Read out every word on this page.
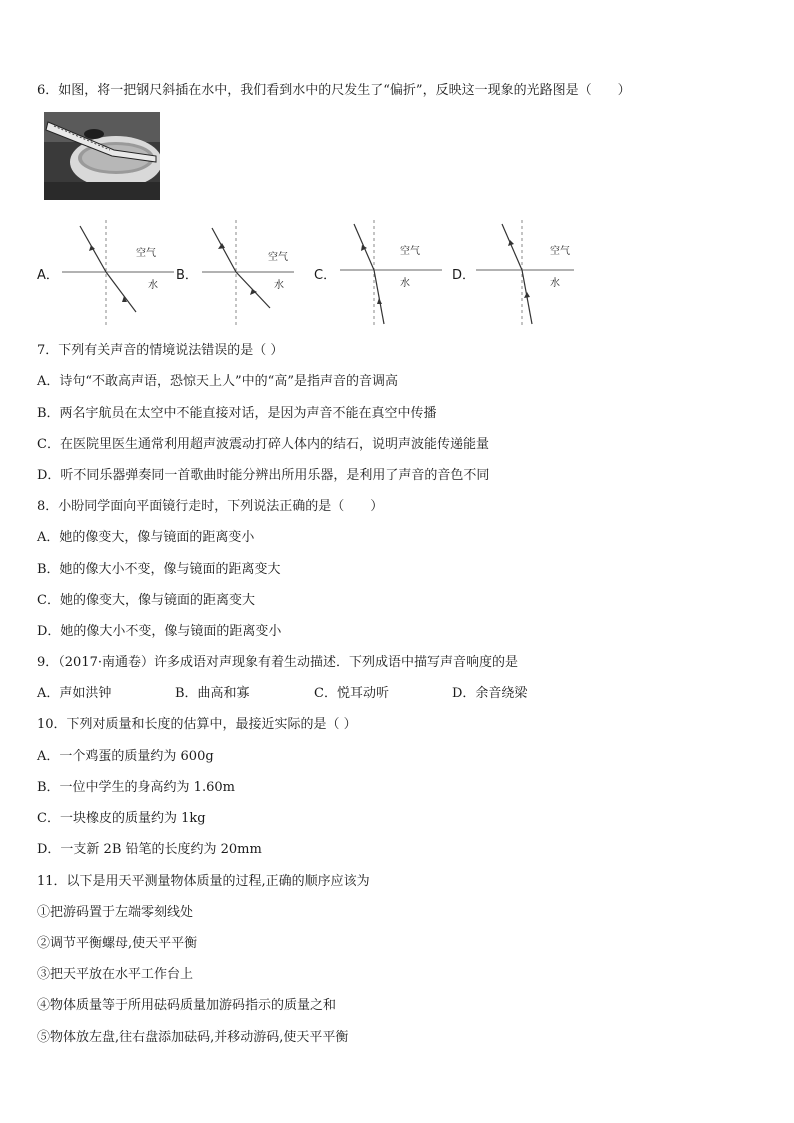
6．如图，将一把钢尺斜插在水中，我们看到水中的尺发生了“偏折”，反映这一现象的光路图是（　　）
A．
空气
水
B．
空气
水
C．
空气
水
D．
空气
水
7．下列有关声音的情境说法错误的是（ ）
A．诗句“不敢高声语，恐惊天上人”中的“高”是指声音的音调高
B．两名宇航员在太空中不能直接对话，是因为声音不能在真空中传播
C．在医院里医生通常利用超声波震动打碎人体内的结石，说明声波能传递能量
D．听不同乐器弹奏同一首歌曲时能分辨出所用乐器，是利用了声音的音色不同
8．小盼同学面向平面镜行走时，下列说法正确的是（　　）
A．她的像变大，像与镜面的距离变小
B．她的像大小不变，像与镜面的距离变大
C．她的像变大，像与镜面的距离变大
D．她的像大小不变，像与镜面的距离变小
9．（2017·南通卷）许多成语对声现象有着生动描述．下列成语中描写声音响度的是
A．声如洪钟	B．曲高和寡	C．悦耳动听	D．余音绕梁
10．下列对质量和长度的估算中，最接近实际的是（ ）
A．一个鸡蛋的质量约为 600g
B．一位中学生的身高约为 1.60m
C．一块橡皮的质量约为 1kg
D．一支新 2B 铅笔的长度约为 20mm
11．以下是用天平测量物体质量的过程,正确的顺序应该为
①把游码置于左端零刻线处
②调节平衡螺母,使天平平衡
③把天平放在水平工作台上
④物体质量等于所用砝码质量加游码指示的质量之和
⑤物体放左盘,往右盘添加砝码,并移动游码,使天平平衡
